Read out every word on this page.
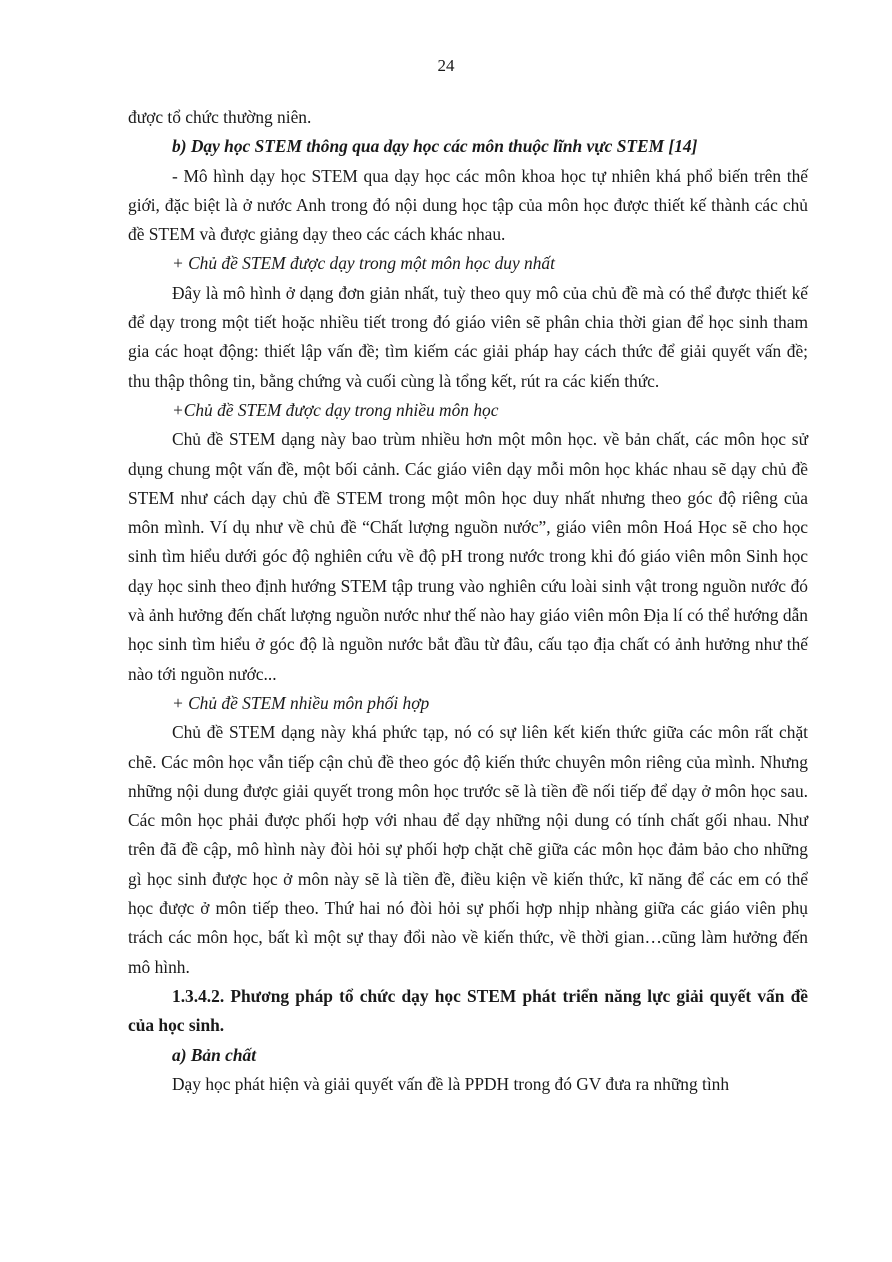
24

được tổ chức thường niên.

b) Dạy học STEM thông qua dạy học các môn thuộc lĩnh vực STEM [14]

- Mô hình dạy học STEM qua dạy học các môn khoa học tự nhiên khá phổ biến trên thế giới, đặc biệt là ở nước Anh trong đó nội dung học tập của môn học được thiết kế thành các chủ đề STEM và được giảng dạy theo các cách khác nhau.

+ Chủ đề STEM được dạy trong một môn học duy nhất

Đây là mô hình ở dạng đơn giản nhất, tuỳ theo quy mô của chủ đề mà có thể được thiết kế để dạy trong một tiết hoặc nhiều tiết trong đó giáo viên sẽ phân chia thời gian để học sinh tham gia các hoạt động: thiết lập vấn đề; tìm kiếm các giải pháp hay cách thức để giải quyết vấn đề; thu thập thông tin, bằng chứng và cuối cùng là tổng kết, rút ra các kiến thức.

+Chủ đề STEM được dạy trong nhiều môn học

Chủ đề STEM dạng này bao trùm nhiều hơn một môn học. về bản chất, các môn học sử dụng chung một vấn đề, một bối cảnh. Các giáo viên dạy mỗi môn học khác nhau sẽ dạy chủ đề STEM như cách dạy chủ đề STEM trong một môn học duy nhất nhưng theo góc độ riêng của môn mình. Ví dụ như về chủ đề “Chất lượng nguồn nước”, giáo viên môn Hoá Học sẽ cho học sinh tìm hiểu dưới góc độ nghiên cứu về độ pH trong nước trong khi đó giáo viên môn Sinh học dạy học sinh theo định hướng STEM tập trung vào nghiên cứu loài sinh vật trong nguồn nước đó và ảnh hưởng đến chất lượng nguồn nước như thế nào hay giáo viên môn Địa lí có thể hướng dẫn học sinh tìm hiểu ở góc độ là nguồn nước bắt đầu từ đâu, cấu tạo địa chất có ảnh hưởng như thế nào tới nguồn nước...

+ Chủ đề STEM nhiều môn phối hợp

Chủ đề STEM dạng này khá phức tạp, nó có sự liên kết kiến thức giữa các môn rất chặt chẽ. Các môn học vẫn tiếp cận chủ đề theo góc độ kiến thức chuyên môn riêng của mình. Nhưng những nội dung được giải quyết trong môn học trước sẽ là tiền đề nối tiếp để dạy ở môn học sau. Các môn học phải được phối hợp với nhau để dạy những nội dung có tính chất gối nhau. Như trên đã đề cập, mô hình này đòi hỏi sự phối hợp chặt chẽ giữa các môn học đảm bảo cho những gì học sinh được học ở môn này sẽ là tiền đề, điều kiện về kiến thức, kĩ năng để các em có thể học được ở môn tiếp theo. Thứ hai nó đòi hỏi sự phối hợp nhịp nhàng giữa các giáo viên phụ trách các môn học, bất kì một sự thay đổi nào về kiến thức, về thời gian…cũng làm hưởng đến mô hình.

1.3.4.2. Phương pháp tổ chức dạy học STEM phát triển năng lực giải quyết vấn đề của học sinh.

a) Bản chất

Dạy học phát hiện và giải quyết vấn đề là PPDH trong đó GV đưa ra những tình
